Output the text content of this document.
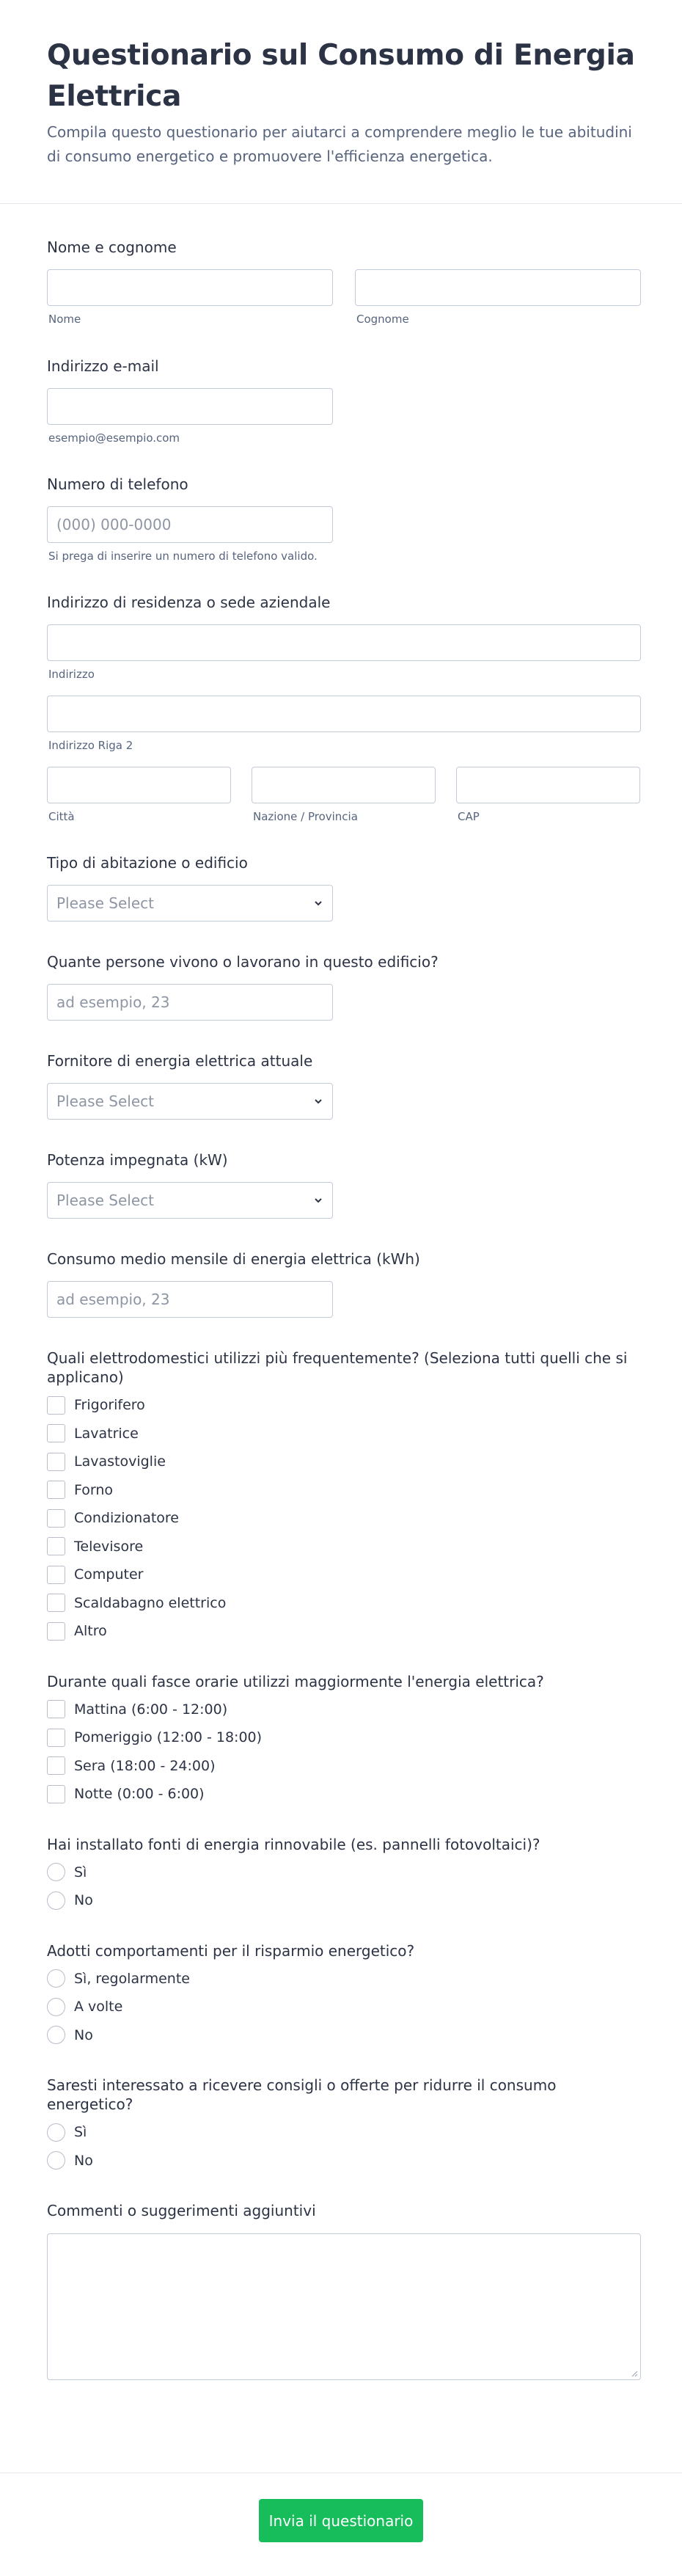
Questionario sul Consumo di Energia Elettrica

Compila questo questionario per aiutarci a comprendere meglio le tue abitudini di consumo energetico e promuovere l'efficienza energetica.

Nome e cognome
Nome	Cognome
Indirizzo e-mail
esempio@esempio.com
Numero di telefono
(000) 000-0000
Si prega di inserire un numero di telefono valido.
Indirizzo di residenza o sede aziendale
Indirizzo
Indirizzo Riga 2
Città	Nazione / Provincia	CAP
Tipo di abitazione o edificio
Please Select
Quante persone vivono o lavorano in questo edificio?
ad esempio, 23
Fornitore di energia elettrica attuale
Please Select
Potenza impegnata (kW)
Please Select
Consumo medio mensile di energia elettrica (kWh)
ad esempio, 23
Quali elettrodomestici utilizzi più frequentemente? (Seleziona tutti quelli che si applicano)
Frigorifero
Lavatrice
Lavastoviglie
Forno
Condizionatore
Televisore
Computer
Scaldabagno elettrico
Altro
Durante quali fasce orarie utilizzi maggiormente l'energia elettrica?
Mattina (6:00 - 12:00)
Pomeriggio (12:00 - 18:00)
Sera (18:00 - 24:00)
Notte (0:00 - 6:00)
Hai installato fonti di energia rinnovabile (es. pannelli fotovoltaici)?
Sì
No
Adotti comportamenti per il risparmio energetico?
Sì, regolarmente
A volte
No
Saresti interessato a ricevere consigli o offerte per ridurre il consumo energetico?
Sì
No
Commenti o suggerimenti aggiuntivi
Invia il questionario
